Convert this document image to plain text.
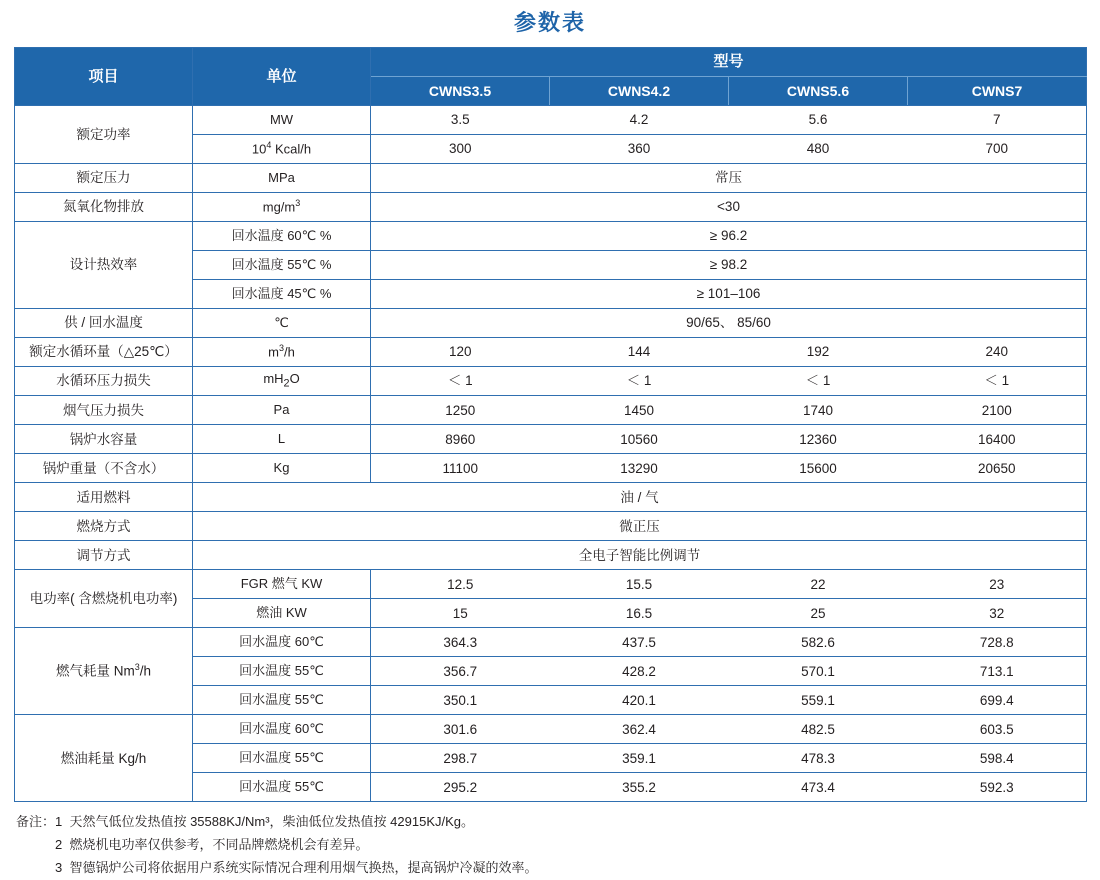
参数表
项目	单位	型号			
		CWNS3.5	CWNS4.2	CWNS5.6	CWNS7
额定功率	MW	3.5	4.2	5.6	7
	$10^4$ Kcal/h	300	360	480	700
额定压力	MPa	常压			
氮氧化物排放	$mg/m^3$	<30			
设计热效率	回水温度 60℃ %	≥ 96.2			
	回水温度 55℃ %	≥ 98.2			
	回水温度 45℃ %	≥ 101–106			
供 / 回水温度	℃	90/65、 85/60			
额定水循环量（△25℃）	$m^3/h$	120	144	192	240
水循环压力损失	$mH_2O$	＜ 1	＜ 1	＜ 1	＜ 1
烟气压力损失	Pa	1250	1450	1740	2100
锅炉水容量	L	8960	10560	12360	16400
锅炉重量（不含水）	Kg	11100	13290	15600	20650
适用燃料	油 / 气				
燃烧方式	微正压				
调节方式	全电子智能比例调节				
电功率( 含燃烧机电功率)	FGR 燃气 KW	12.5	15.5	22	23
	燃油 KW	15	16.5	25	32
燃气耗量 Nm$^3$/h	回水温度 60℃	364.3	437.5	582.6	728.8
	回水温度 55℃	356.7	428.2	570.1	713.1
	回水温度 55℃	350.1	420.1	559.1	699.4
燃油耗量 Kg/h	回水温度 60℃	301.6	362.4	482.5	603.5
	回水温度 55℃	298.7	359.1	478.3	598.4
	回水温度 55℃	295.2	355.2	473.4	592.3
备注：1  天然气低位发热值按 35588KJ/Nm³，柴油低位发热值按 42915KJ/Kg。
2  燃烧机电功率仅供参考，不同品牌燃烧机会有差异。
3  智德锅炉公司将依据用户系统实际情况合理利用烟气换热，提高锅炉冷凝的效率。
